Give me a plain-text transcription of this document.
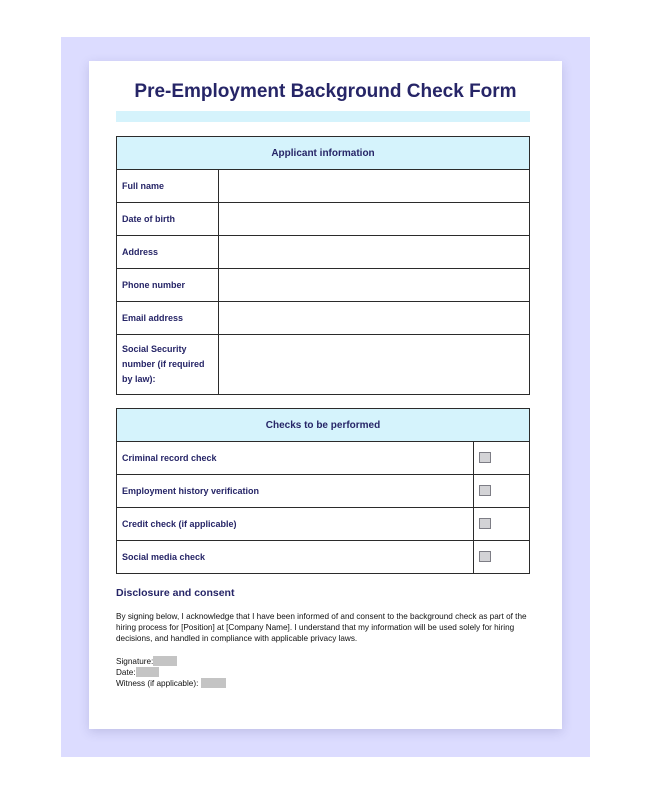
Pre-Employment Background Check Form
Applicant information	
Full name	
Date of birth	
Address	
Phone number	
Email address	
Social Security number (if required by law):	
Checks to be performed	
Criminal record check	
Employment history verification	
Credit check (if applicable)	
Social media check	
Disclosure and consent
By signing below, I acknowledge that I have been informed of and consent to the background check as part of the hiring process for [Position] at [Company Name]. I understand that my information will be used solely for hiring decisions, and handled in compliance with applicable privacy laws.
Signature:
Date:
Witness (if applicable):
